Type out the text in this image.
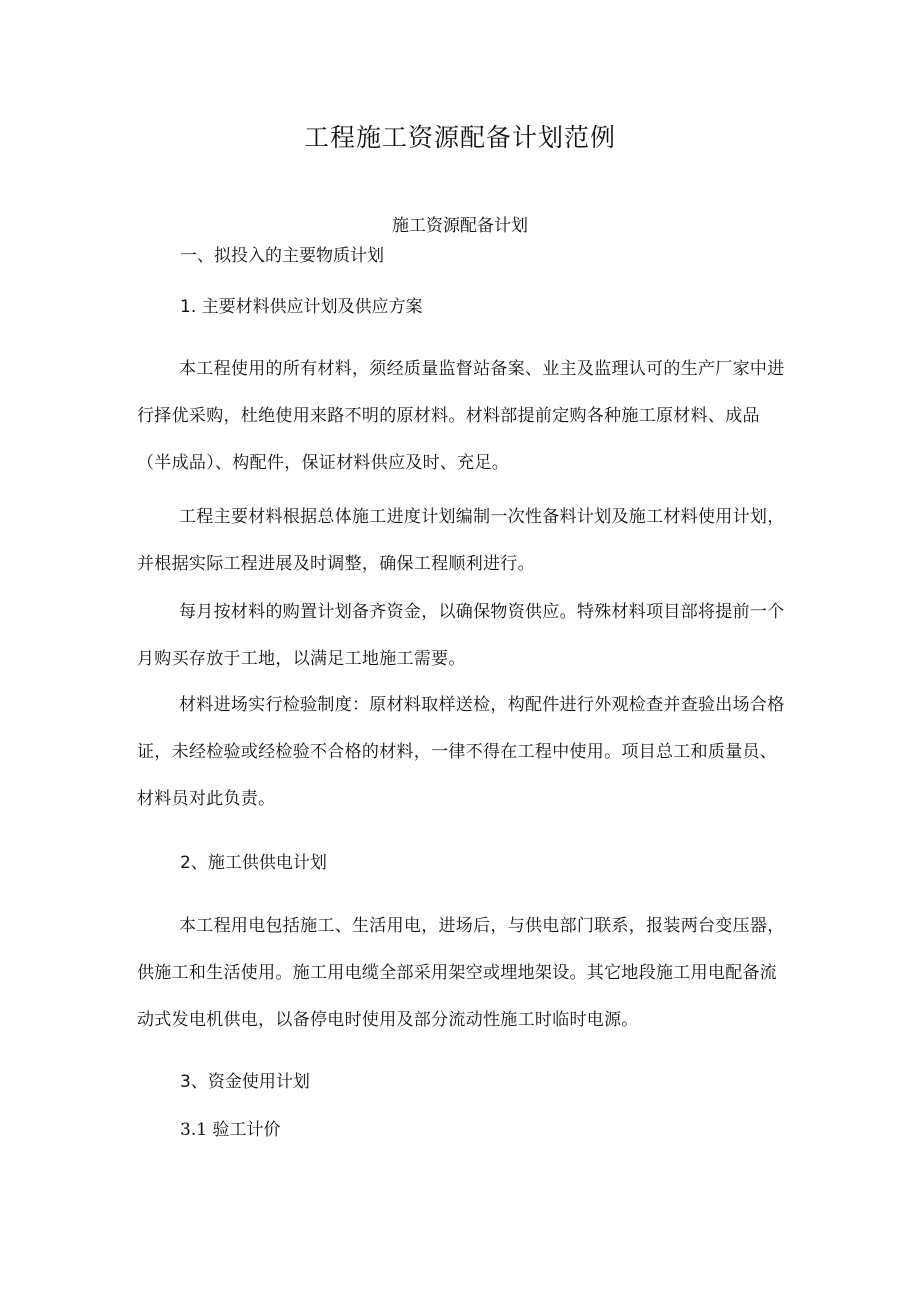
工程施工资源配备计划范例
施工资源配备计划
一、拟投入的主要物质计划
1. 主要材料供应计划及供应方案

本工程使用的所有材料，须经质量监督站备案、业主及监理认可的生产厂家中进行择优采购，杜绝使用来路不明的原材料。材料部提前定购各种施工原材料、成品（半成品）、构配件，保证材料供应及时、充足。

工程主要材料根据总体施工进度计划编制一次性备料计划及施工材料使用计划，并根据实际工程进展及时调整，确保工程顺利进行。

每月按材料的购置计划备齐资金，以确保物资供应。特殊材料项目部将提前一个月购买存放于工地，以满足工地施工需要。

材料进场实行检验制度：原材料取样送检，构配件进行外观检查并查验出场合格证，未经检验或经检验不合格的材料，一律不得在工程中使用。项目总工和质量员、材料员对此负责。

2、施工供供电计划

本工程用电包括施工、生活用电，进场后，与供电部门联系，报装两台变压器，供施工和生活使用。施工用电缆全部采用架空或埋地架设。其它地段施工用电配备流动式发电机供电，以备停电时使用及部分流动性施工时临时电源。

3、资金使用计划
3.1 验工计价
